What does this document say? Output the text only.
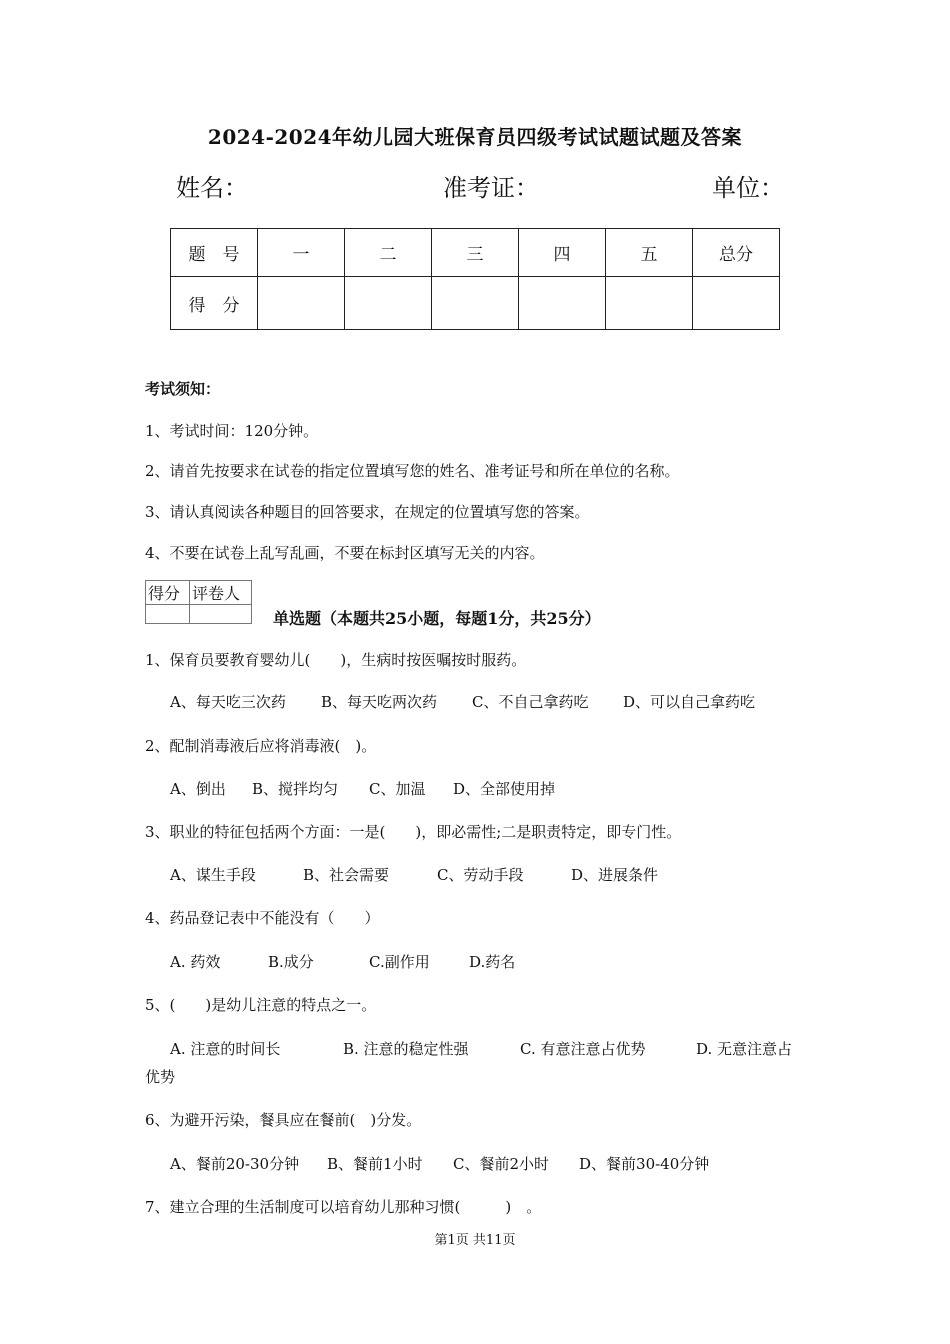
2024-2024年幼儿园大班保育员四级考试试题试题及答案
姓名：	准考证：	单位：
题　号	一	二	三	四	五	总分
得　分						
考试须知：
1、考试时间：120分钟。
2、请首先按要求在试卷的指定位置填写您的姓名、准考证号和所在单位的名称。
3、请认真阅读各种题目的回答要求，在规定的位置填写您的答案。
4、不要在试卷上乱写乱画，不要在标封区填写无关的内容。
得分	评卷人

单选题（本题共25小题，每题1分，共25分）
1、保育员要教育婴幼儿(　　)，生病时按医嘱按时服药。
A、每天吃三次药 B、每天吃两次药 C、不自己拿药吃 D、可以自己拿药吃
2、配制消毒液后应将消毒液(　)。
A、倒出 B、搅拌均匀 C、加温 D、全部使用掉
3、职业的特征包括两个方面：一是(　　)，即必需性;二是职责特定，即专门性。
A、谋生手段	B、社会需要	C、劳动手段	D、进展条件
4、药品登记表中不能没有（　　）
A. 药效	B.成分	C.副作用	D.药名
5、(　　)是幼儿注意的特点之一。
A. 注意的时间长	B. 注意的稳定性强	C. 有意注意占优势	D. 无意注意占
优势
6、为避开污染，餐具应在餐前(　)分发。
A、餐前20-30分钟 B、餐前1小时 C、餐前2小时 D、餐前30-40分钟
7、建立合理的生活制度可以培育幼儿那种习惯(　　　)　。
第1页 共11页
